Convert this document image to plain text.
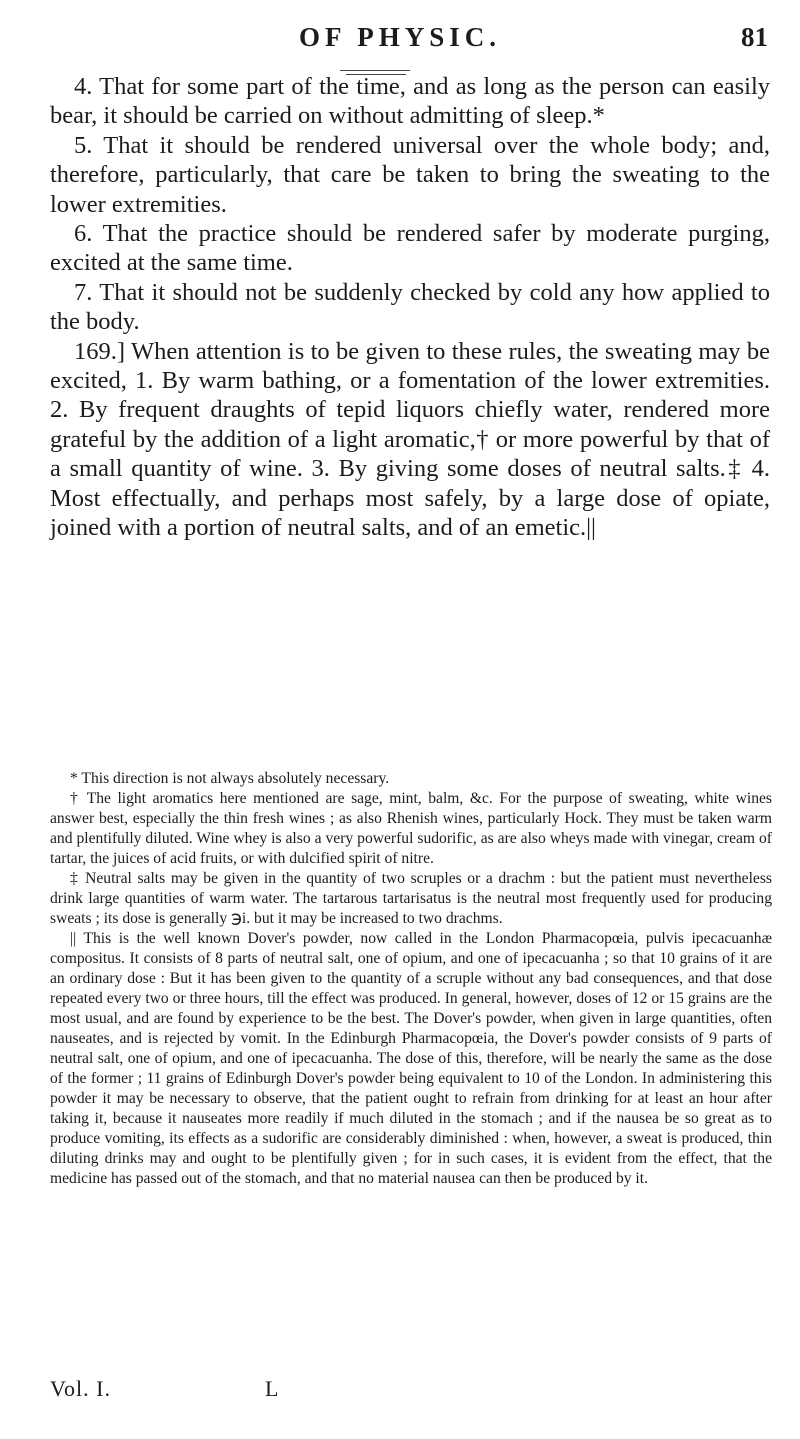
OF PHYSIC.	81

4. That for some part of the time, and as long as the person can easily bear, it should be carried on without admitting of sleep.*

5. That it should be rendered universal over the whole body; and, therefore, particularly, that care be taken to bring the sweating to the lower extremities.

6. That the practice should be rendered safer by moderate purging, excited at the same time.

7. That it should not be suddenly checked by cold any how applied to the body.

169.] When attention is to be given to these rules, the sweating may be excited, 1. By warm bathing, or a fomentation of the lower extremities. 2. By frequent draughts of tepid liquors chiefly water, rendered more grateful by the addition of a light aromatic,† or more powerful by that of a small quantity of wine. 3. By giving some doses of neutral salts.‡ 4. Most effectually, and perhaps most safely, by a large dose of opiate, joined with a portion of neutral salts, and of an emetic.||

* This direction is not always absolutely necessary.

† The light aromatics here mentioned are sage, mint, balm, &c. For the purpose of sweating, white wines answer best, especially the thin fresh wines ; as also Rhenish wines, particularly Hock. They must be taken warm and plentifully diluted. Wine whey is also a very powerful sudorific, as are also wheys made with vinegar, cream of tartar, the juices of acid fruits, or with dulcified spirit of nitre.

‡ Neutral salts may be given in the quantity of two scruples or a drachm : but the patient must nevertheless drink large quantities of warm water. The tartarous tartarisatus is the neutral most frequently used for producing sweats ; its dose is generally ℈i. but it may be increased to two drachms.

|| This is the well known Dover's powder, now called in the London Pharmacopœia, pulvis ipecacuanhæ compositus. It consists of 8 parts of neutral salt, one of opium, and one of ipecacuanha ; so that 10 grains of it are an ordinary dose : But it has been given to the quantity of a scruple without any bad consequences, and that dose repeated every two or three hours, till the effect was produced. In general, however, doses of 12 or 15 grains are the most usual, and are found by experience to be the best. The Dover's powder, when given in large quantities, often nauseates, and is rejected by vomit. In the Edinburgh Pharmacopœia, the Dover's powder consists of 9 parts of neutral salt, one of opium, and one of ipecacuanha. The dose of this, therefore, will be nearly the same as the dose of the former ; 11 grains of Edinburgh Dover's powder being equivalent to 10 of the London. In administering this powder it may be necessary to observe, that the patient ought to refrain from drinking for at least an hour after taking it, because it nauseates more readily if much diluted in the stomach ; and if the nausea be so great as to produce vomiting, its effects as a sudorific are considerably diminished : when, however, a sweat is produced, thin diluting drinks may and ought to be plentifully given ; for in such cases, it is evident from the effect, that the medicine has passed out of the stomach, and that no material nausea can then be produced by it.

Vol. I.	L
